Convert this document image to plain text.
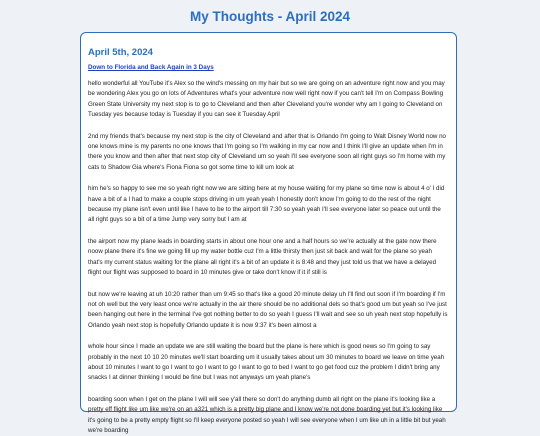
My Thoughts - April 2024
April 5th, 2024
Down to Florida and Back Again in 3 Days

hello wonderful all YouTube it's Alex so the wind's messing on my hair but so we are going on an adventure right now and you may be wondering Alex you go on lots of Adventures what's your adventure now well right now if you can't tell I'm on Compass Bowling Green State University my next stop is to go to Cleveland and then after Cleveland you're wonder why am I going to Cleveland on Tuesday yes because today is Tuesday if you can see it Tuesday April

2nd my friends that's because my next stop is the city of Cleveland and after that is Orlando I'm going to Walt Disney World now no one knows mine is my parents no one knows that I'm going so I'm walking in my car now and I think I'll give an update when I'm in there you know and then after that next stop city of Cleveland um so yeah I'll see everyone soon all right guys so I'm home with my cats to Shadow Gia where's Fiona Fiona so got some time to kill um look at

him he's so happy to see me so yeah right now we are sitting here at my house waiting for my plane so time now is about 4 o' I did have a bit of a I had to make a couple stops driving in um yeah yeah I honestly don't know I'm going to do the rest of the night because my plane isn't even until like I have to be to the airport till 7:30 so yeah yeah I'll see everyone later so peace out until the all right guys so a bit of a time Jump very sorry but I am at

the airport now my plane leads in boarding starts in about one hour one and a half hours so we're actually at the gate now there noow plane there it's fine we going fill up my water bottle cuz I'm a little thirsty then just sit back and wait for the plane so yeah that's my current status waiting for the plane all right it's a bit of an update it is 8:48 and they just told us that we have a delayed flight our flight was supposed to board in 10 minutes give or take don't know if it if still is

but now we're leaving at uh 10:20 rather than um 9:45 so that's like a good 20 minute delay uh I'll find out soon if I'm boarding if I'm not oh well but the very least once we're actually in the air there should be no additional dels so that's good um but yeah so I've just been hanging out here in the terminal I've got nothing better to do so yeah I guess I'll wait and see so uh yeah next stop hopefully is Orlando yeah next stop is hopefully Orlando update it is now 9:37 it's been almost a

whole hour since I made an update we are still waiting the board but the plane is here which is good news so I'm going to say probably in the next 10 10 20 minutes we'll start boarding um it usually takes about um 30 minutes to board we leave on time yeah about 10 minutes I want to go I want to go I want to go I want to go to bed I want to go get food cuz the problem I didn't bring any snacks I at dinner thinking I would be fine but I was not anyways um yeah plane's

boarding soon when I get on the plane I will will see y'all there so don't do anything dumb all right on the plane it's looking like a pretty eff flight like um like we're on an a321 which is a pretty big plane and I know we're not done boarding yet but it's looking like it's going to be a pretty empty flight so I'll keep everyone posted so yeah I will see everyone when I um like uh in a little bit but yeah we're boarding
